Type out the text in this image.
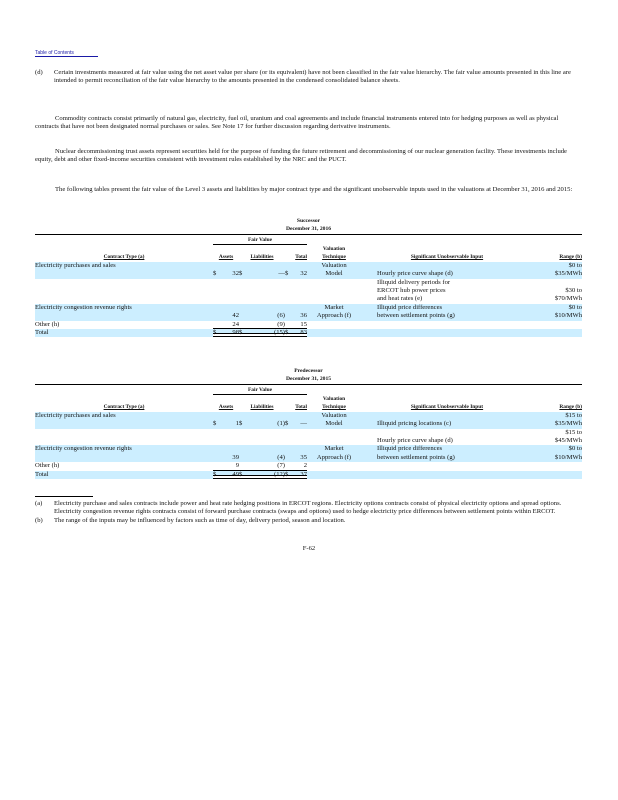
Table of Contents
(d)	Certain investments measured at fair value using the net asset value per share (or its equivalent) have not been classified in the fair value hierarchy. The fair value amounts presented in this line are intended to permit reconciliation of the fair value hierarchy to the amounts presented in the condensed consolidated balance sheets.
Commodity contracts consist primarily of natural gas, electricity, fuel oil, uranium and coal agreements and include financial instruments entered into for hedging purposes as well as physical contracts that have not been designated normal purchases or sales. See Note 17 for further discussion regarding derivative instruments.
Nuclear decommissioning trust assets represent securities held for the purpose of funding the future retirement and decommissioning of our nuclear generation facility. These investments include equity, debt and other fixed-income securities consistent with investment rules established by the NRC and the PUCT.
The following tables present the fair value of the Level 3 assets and liabilities by major contract type and the significant unobservable inputs used in the valuations at December 31, 2016 and 2015:
Successor
December 31, 2016
	Fair Value									
							Valuation			
Contract Type (a)	Assets		Liabilities		Total		Technique		Significant Unobservable Input	Range (b)
Electricity purchases and sales							Valuation			$0 to
	$	32	$	—	$	32	Model		Hourly price curve shape (d)	$35/MWh
									Illiquid delivery periods for	
									ERCOT hub power prices	$30 to
									and heat rates (e)	$70/MWh
Electricity congestion revenue rights							Market		Illiquid price differences	$0 to
		42		(6)		36	Approach (f)		between settlement points (g)	$10/MWh
Other (h)		24		(9)		15				
Total	$	98	$	(15)	$	83				
Predecessor
December 31, 2015
	Fair Value									
							Valuation			
Contract Type (a)	Assets		Liabilities		Total		Technique		Significant Unobservable Input	Range (b)
Electricity purchases and sales							Valuation			$15 to
	$	1	$	(1)	$	—	Model		Illiquid pricing locations (c)	$35/MWh
										$15 to
									Hourly price curve shape (d)	$45/MWh
Electricity congestion revenue rights							Market		Illiquid price differences	$0 to
		39		(4)		35	Approach (f)		between settlement points (g)	$10/MWh
Other (h)		9		(7)		2				
Total	$	49	$	(12)	$	37				
(a)	Electricity purchase and sales contracts include power and heat rate hedging positions in ERCOT regions. Electricity options contracts consist of physical electricity options and spread options. Electricity congestion revenue rights contracts consist of forward purchase contracts (swaps and options) used to hedge electricity price differences between settlement points within ERCOT.
(b)	The range of the inputs may be influenced by factors such as time of day, delivery period, season and location.
F-62
